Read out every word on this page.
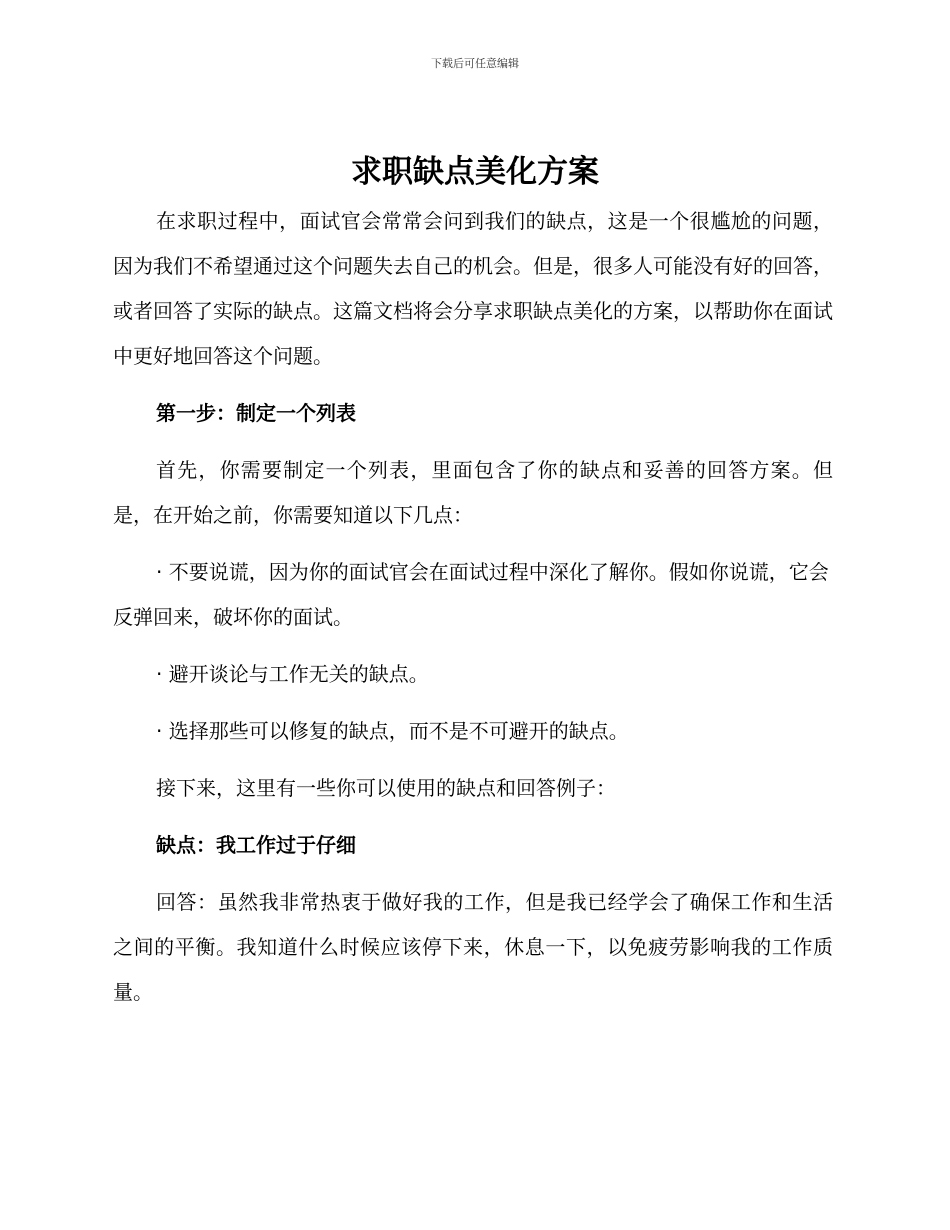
下载后可任意编辑
求职缺点美化方案

在求职过程中，面试官会常常会问到我们的缺点，这是一个很尴尬的问题，因为我们不希望通过这个问题失去自己的机会。但是，很多人可能没有好的回答，或者回答了实际的缺点。这篇文档将会分享求职缺点美化的方案，以帮助你在面试中更好地回答这个问题。

第一步：制定一个列表

首先，你需要制定一个列表，里面包含了你的缺点和妥善的回答方案。但是，在开始之前，你需要知道以下几点：

· 不要说谎，因为你的面试官会在面试过程中深化了解你。假如你说谎，它会反弹回来，破坏你的面试。

· 避开谈论与工作无关的缺点。

· 选择那些可以修复的缺点，而不是不可避开的缺点。

接下来，这里有一些你可以使用的缺点和回答例子：

缺点：我工作过于仔细

回答：虽然我非常热衷于做好我的工作，但是我已经学会了确保工作和生活之间的平衡。我知道什么时候应该停下来，休息一下，以免疲劳影响我的工作质量。
